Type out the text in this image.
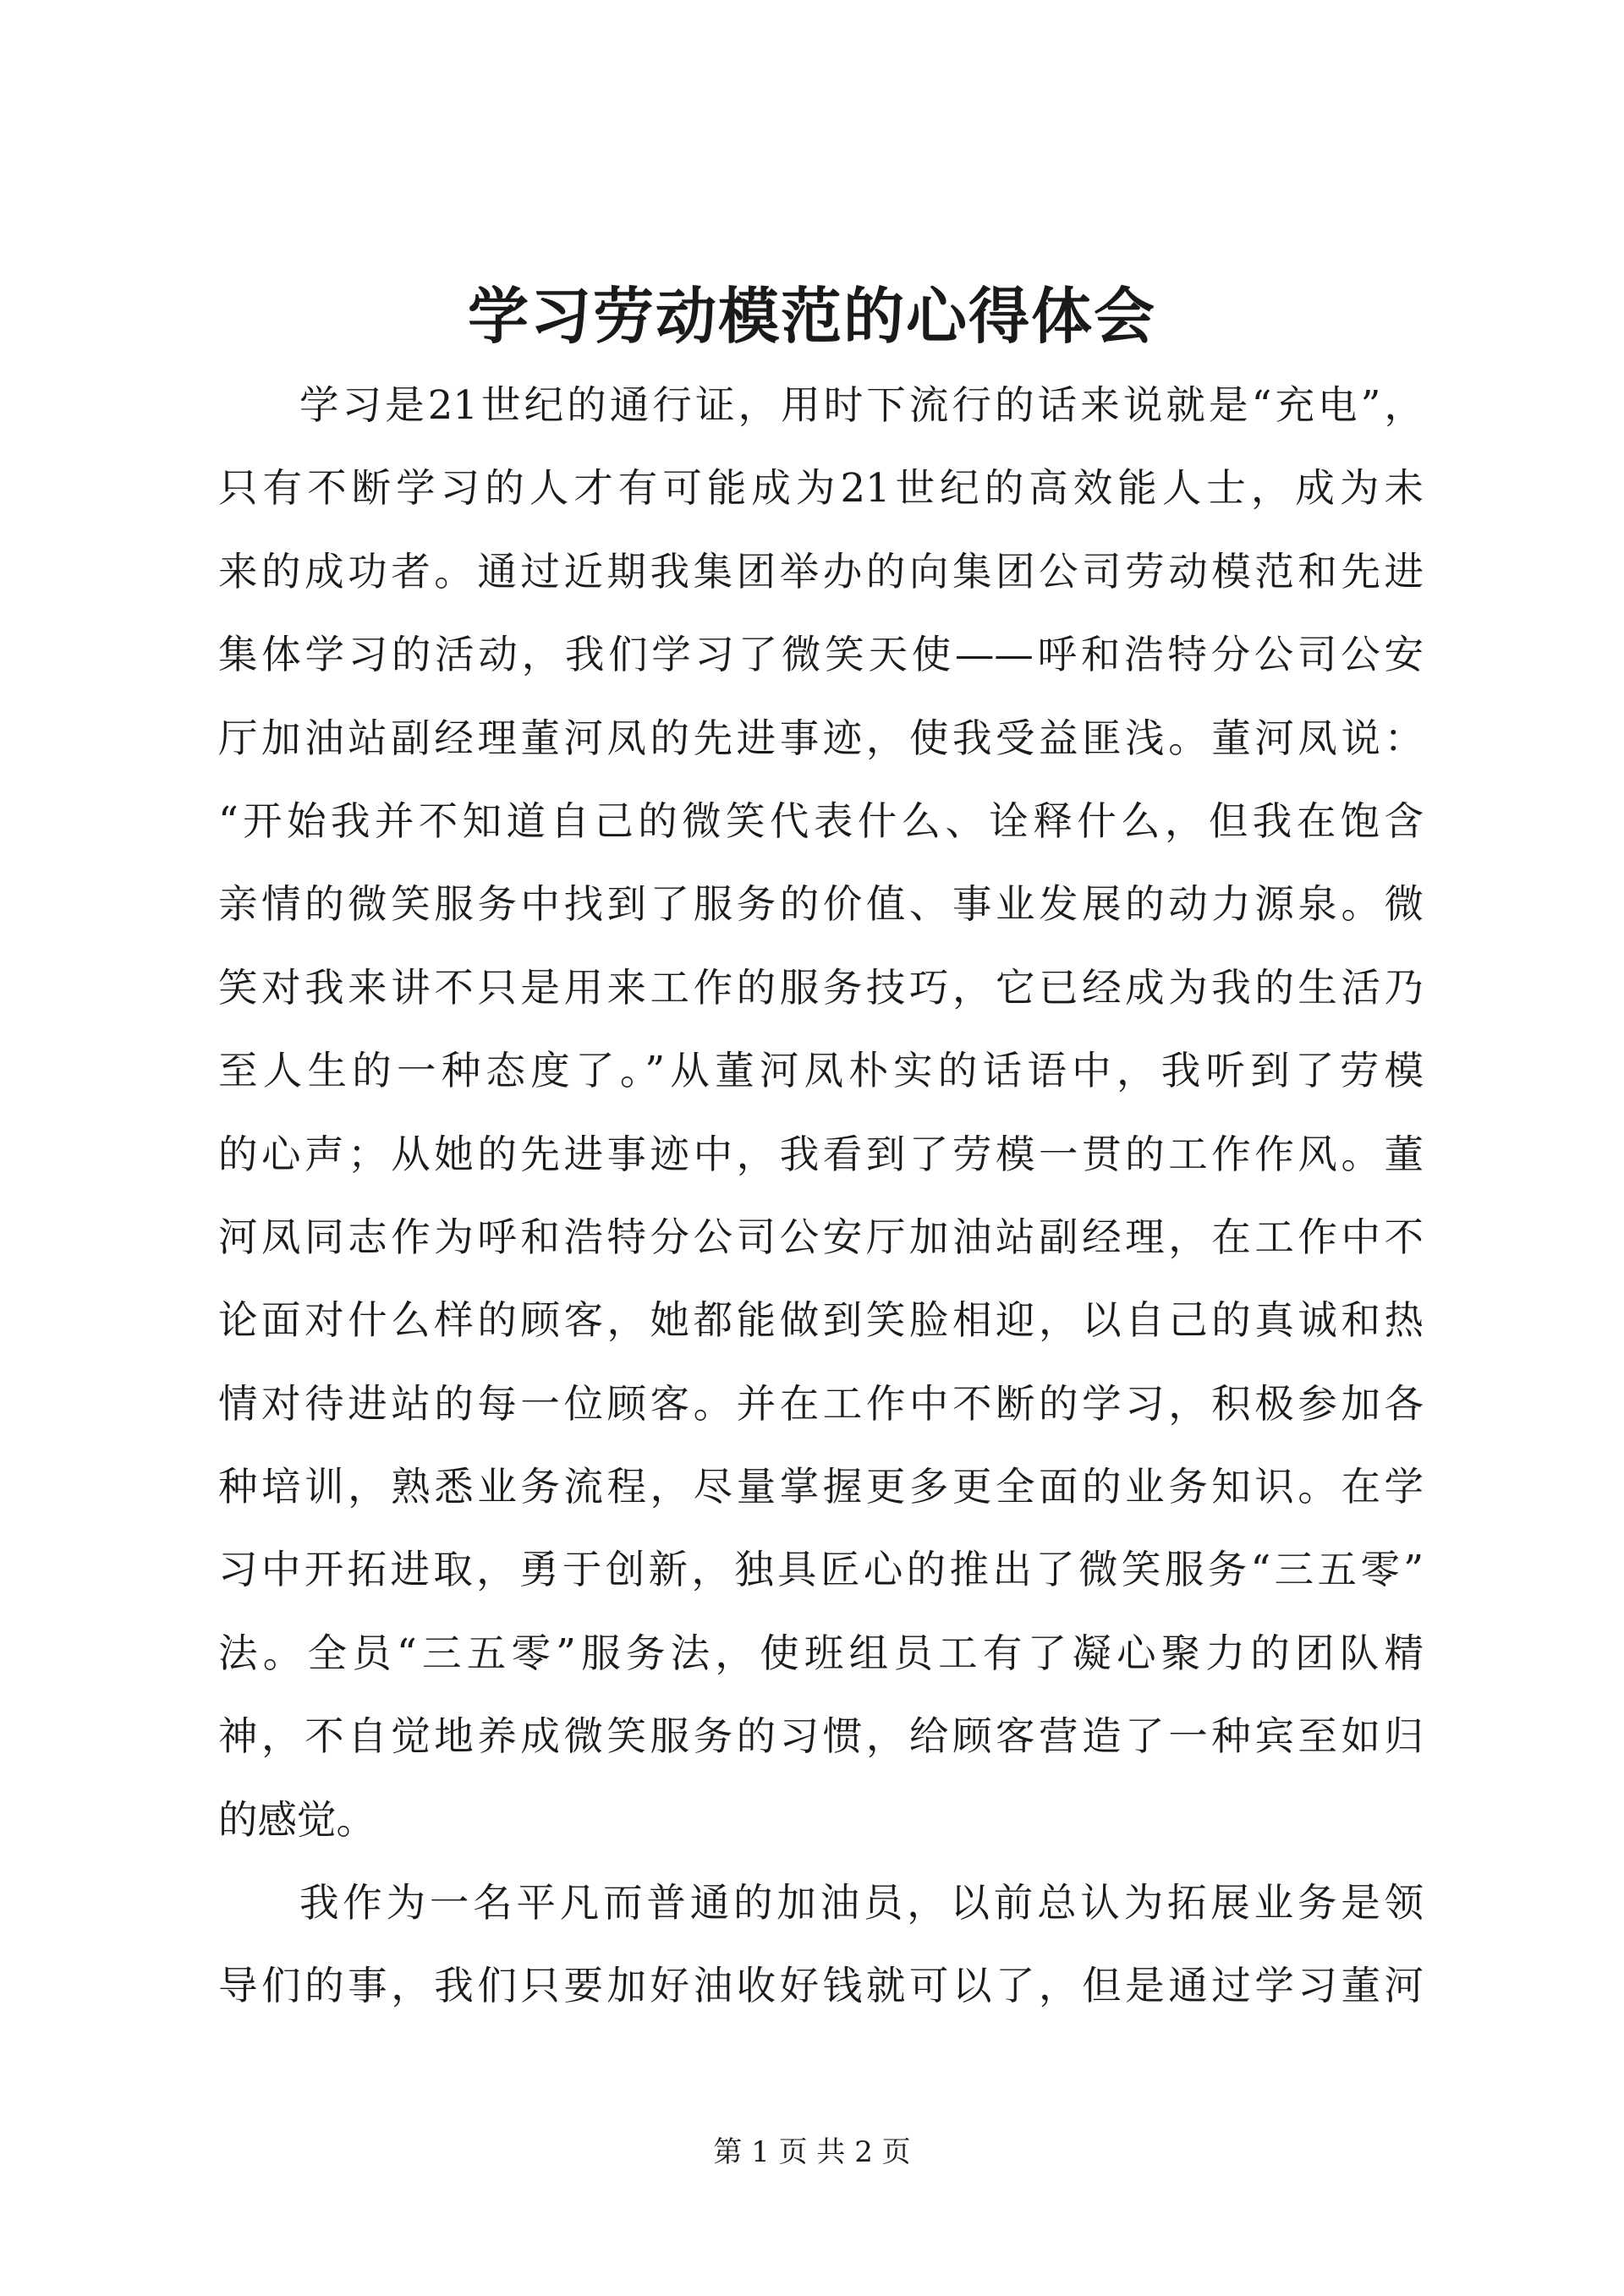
学习劳动模范的心得体会
学习是21世纪的通行证，用时下流行的话来说就是“充电”，
只有不断学习的人才有可能成为21世纪的高效能人士，成为未
来的成功者。通过近期我集团举办的向集团公司劳动模范和先进
集体学习的活动，我们学习了微笑天使——呼和浩特分公司公安
厅加油站副经理董河凤的先进事迹，使我受益匪浅。董河凤说：
“开始我并不知道自己的微笑代表什么、诠释什么，但我在饱含
亲情的微笑服务中找到了服务的价值、事业发展的动力源泉。微
笑对我来讲不只是用来工作的服务技巧，它已经成为我的生活乃
至人生的一种态度了。”从董河凤朴实的话语中，我听到了劳模
的心声；从她的先进事迹中，我看到了劳模一贯的工作作风。董
河凤同志作为呼和浩特分公司公安厅加油站副经理，在工作中不
论面对什么样的顾客，她都能做到笑脸相迎，以自己的真诚和热
情对待进站的每一位顾客。并在工作中不断的学习，积极参加各
种培训，熟悉业务流程，尽量掌握更多更全面的业务知识。在学
习中开拓进取，勇于创新，独具匠心的推出了微笑服务“三五零”
法。全员“三五零”服务法，使班组员工有了凝心聚力的团队精
神，不自觉地养成微笑服务的习惯，给顾客营造了一种宾至如归
的感觉。
我作为一名平凡而普通的加油员，以前总认为拓展业务是领
导们的事，我们只要加好油收好钱就可以了，但是通过学习董河
第 1 页 共 2 页
